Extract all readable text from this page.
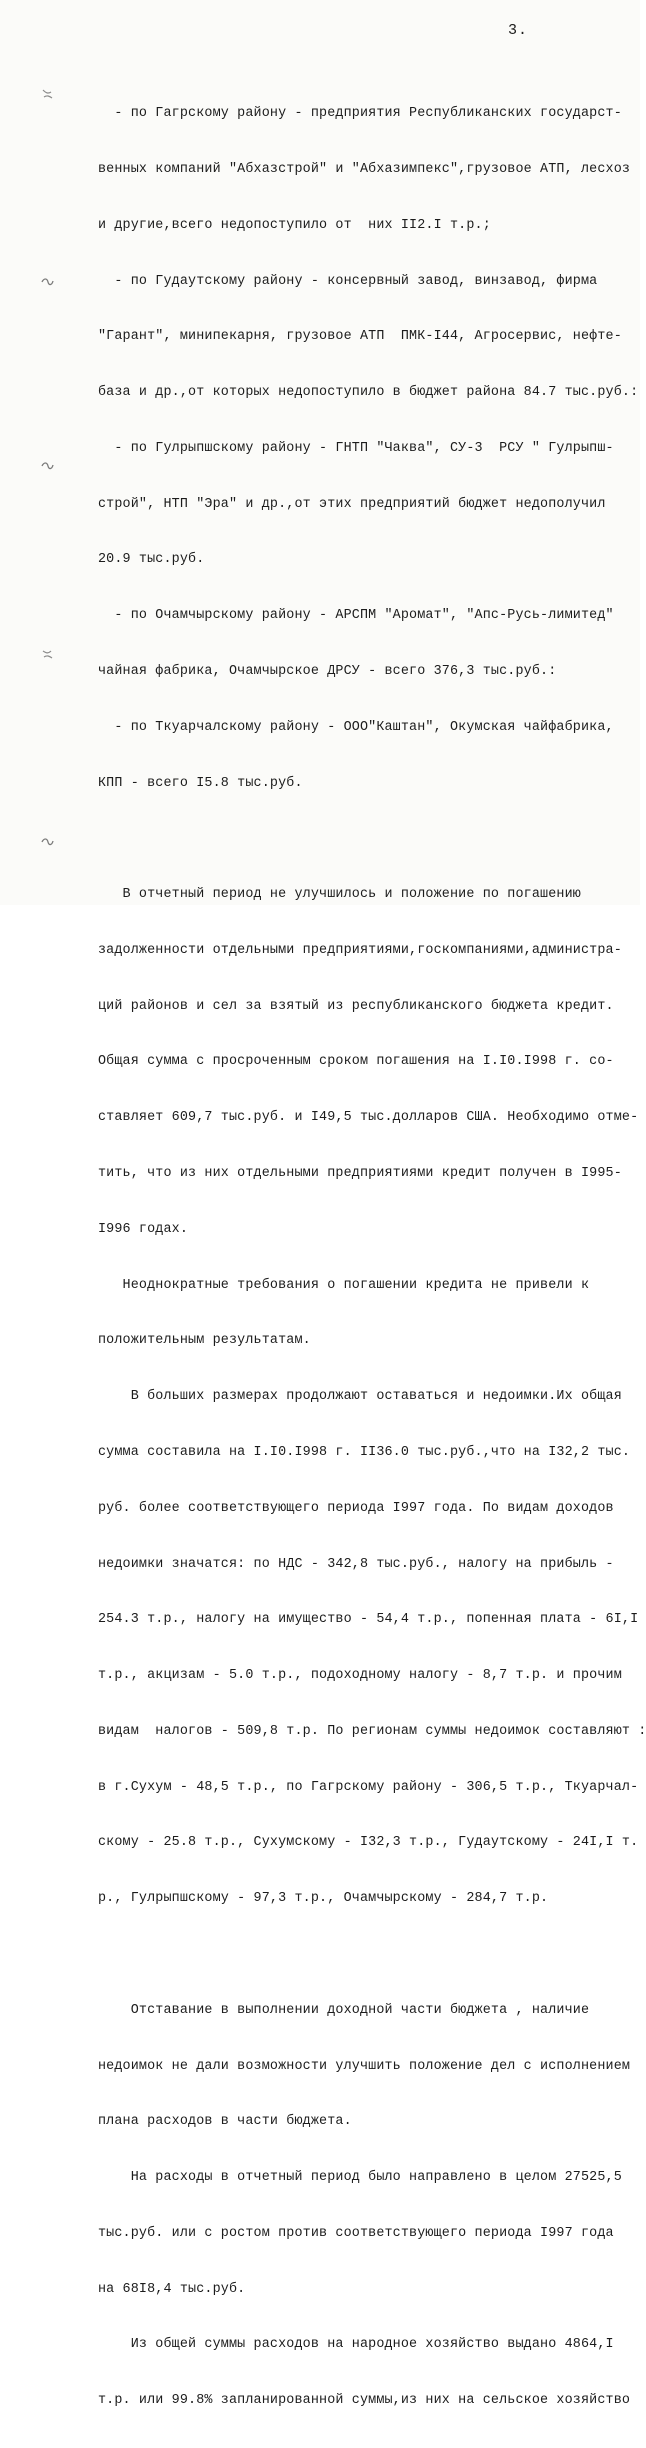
3.

- по Гагрскому району - предприятия Республиканских государст-

венных компаний "Абхазстрой" и "Абхазимпекс",грузовое АТП, лесхоз

и другие,всего недопоступило от  них II2.I т.р.;

- по Гудаутскому району - консервный завод, винзавод, фирма

"Гарант", минипекарня, грузовое АТП  ПМК-I44, Агросервис, нефте-

база и др.,от которых недопоступило в бюджет района 84.7 тыс.руб.:

- по Гулрыпшскому району - ГНТП "Чаква", СУ-3  РСУ " Гулрыпш-

строй", НТП "Эра" и др.,от этих предприятий бюджет недополучил

20.9 тыс.руб.

- по Очамчырскому району - АРСПМ "Аромат", "Апс-Русь-лимитед"

чайная фабрика, Очамчырское ДРСУ - всего 376,3 тыс.руб.:

- по Ткуарчалскому району - ООО"Каштан", Окумская чайфабрика,

КПП - всего I5.8 тыс.руб.

В отчетный период не улучшилось и положение по погашению

задолженности отдельными предприятиями,госкомпаниями,администра-

ций районов и сел за взятый из республиканского бюджета кредит.

Общая сумма с просроченным сроком погашения на I.I0.I998 г. со-

ставляет 609,7 тыс.руб. и I49,5 тыс.долларов США. Необходимо отме-

тить, что из них отдельными предприятиями кредит получен в I995-

I996 годах.

Неоднократные требования о погашении кредита не привели к

положительным результатам.

В больших размерах продолжают оставаться и недоимки.Их общая

сумма составила на I.I0.I998 г. II36.0 тыс.руб.,что на I32,2 тыс.

руб. более соответствующего периода I997 года. По видам доходов

недоимки значатся: по НДС - 342,8 тыс.руб., налогу на прибыль -

254.3 т.р., налогу на имущество - 54,4 т.р., попенная плата - 6I,I

т.р., акцизам - 5.0 т.р., подоходному налогу - 8,7 т.р. и прочим

видам  налогов - 509,8 т.р. По регионам суммы недоимок составляют :

в г.Сухум - 48,5 т.р., по Гагрскому району - 306,5 т.р., Ткуарчал-

скому - 25.8 т.р., Сухумскому - I32,3 т.р., Гудаутскому - 24I,I т.

р., Гулрыпшскому - 97,3 т.р., Очамчырскому - 284,7 т.р.

Отставание в выполнении доходной части бюджета , наличие

недоимок не дали возможности улучшить положение дел с исполнением

плана расходов в части бюджета.

На расходы в отчетный период было направлено в целом 27525,5

тыс.руб. или с ростом против соответствующего периода I997 года

на 68I8,4 тыс.руб.

Из общей суммы расходов на народное хозяйство выдано 4864,I

т.р. или 99.8% запланированной суммы,из них на сельское хозяйство
